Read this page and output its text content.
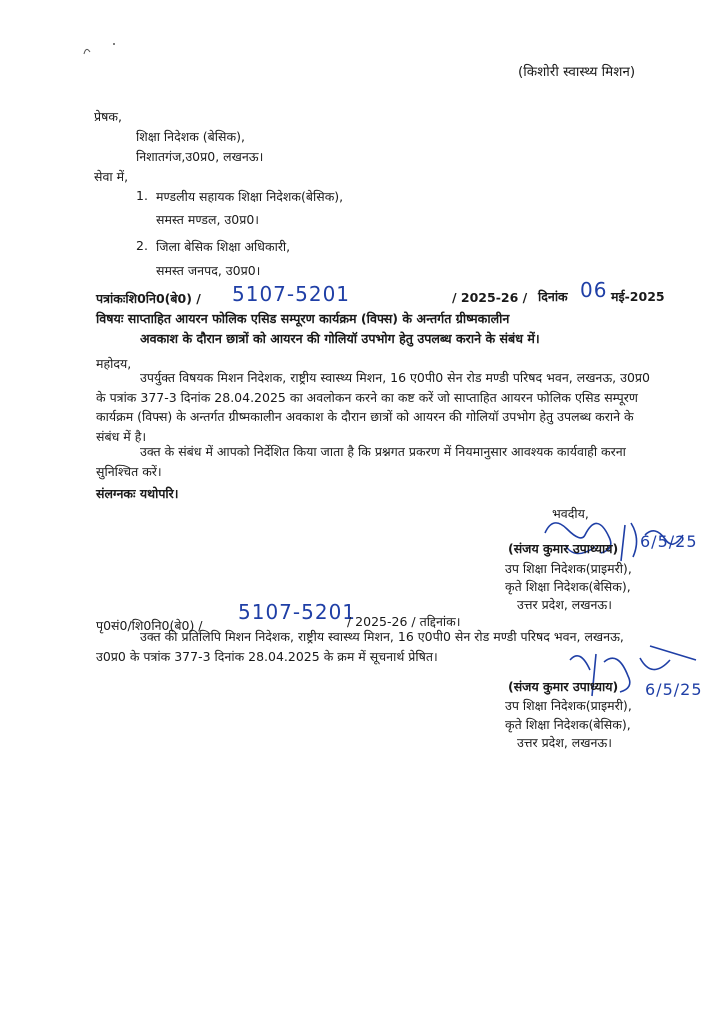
(किशोरी स्वास्थ्य मिशन)
प्रेषक,
शिक्षा निदेशक (बेसिक),
निशातगंज,उ0प्र0, लखनऊ।
सेवा में,
1. मण्डलीय सहायक शिक्षा निदेशक(बेसिक),
समस्त मण्डल, उ0प्र0।
2. जिला बेसिक शिक्षा अधिकारी,
समस्त जनपद, उ0प्र0।
पत्रांकःशि0नि0(बे0) / 5107-5201	/ 2025-26 / दिनांक 06 मई-2025
विषयः साप्ताहित आयरन फोलिक एसिड सम्पूरण कार्यक्रम (विफ्स) के अन्तर्गत ग्रीष्मकालीन
अवकाश के दौरान छात्रों को आयरन की गोलियॉ उपभोग हेतु उपलब्ध कराने के संबंध में।
महोदय,
उपर्युक्त विषयक मिशन निदेशक, राष्ट्रीय स्वास्थ्य मिशन, 16 ए0पी0 सेन रोड मण्डी परिषद भवन, लखनऊ, उ0प्र0 के पत्रांक 377-3 दिनांक 28.04.2025 का अवलोकन करने का कष्ट करें जो साप्ताहित आयरन फोलिक एसिड सम्पूरण कार्यक्रम (विफ्स) के अन्तर्गत ग्रीष्मकालीन अवकाश के दौरान छात्रों को आयरन की गोलियॉ उपभोग हेतु उपलब्ध कराने के संबंध में है।
उक्त के संबंध में आपको निर्देशित किया जाता है कि प्रश्नगत प्रकरण में नियमानुसार आवश्यक कार्यवाही करना सुनिश्चित करें।
संलग्नकः यथोपरि।
भवदीय,
(संजय कुमार उपाध्याय) 6/5/25
उप शिक्षा निदेशक(प्राइमरी),
कृते शिक्षा निदेशक(बेसिक),
उत्तर प्रदेश, लखनऊ।
पृ0सं0/शि0नि0(बे0) /
5107-5201
/ 2025-26 / तद्दिनांक।
उक्त की प्रतिलिपि मिशन निदेशक, राष्ट्रीय स्वास्थ्य मिशन, 16 ए0पी0 सेन रोड मण्डी परिषद भवन, लखनऊ, उ0प्र0 के पत्रांक 377-3 दिनांक 28.04.2025 के क्रम में सूचनार्थ प्रेषित।
(संजय कुमार उपाध्याय) 6/5/25
उप शिक्षा निदेशक(प्राइमरी),
कृते शिक्षा निदेशक(बेसिक),
उत्तर प्रदेश, लखनऊ।
